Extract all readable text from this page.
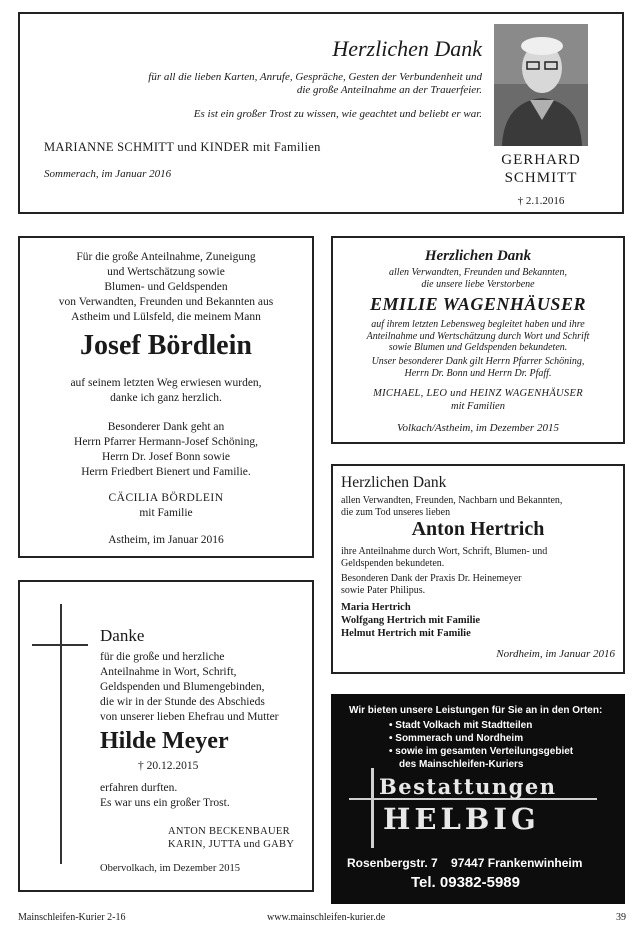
Herzlichen Dank
für all die lieben Karten, Anrufe, Gespräche, Gesten der Verbundenheit und
die große Anteilnahme an der Trauerfeier.
Es ist ein großer Trost zu wissen, wie geachtet und beliebt er war.
MARIANNE SCHMITT und KINDER mit Familien
Sommerach, im Januar 2016
GERHARD
SCHMITT
† 2.1.2016
Für die große Anteilnahme, Zuneigung
und Wertschätzung sowie
Blumen- und Geldspenden
von Verwandten, Freunden und Bekannten aus
Astheim und Lülsfeld, die meinem Mann
Josef Bördlein
auf seinem letzten Weg erwiesen wurden,
danke ich ganz herzlich.
Besonderer Dank geht an
Herrn Pfarrer Hermann-Josef Schöning,
Herrn Dr. Josef Bonn sowie
Herrn Friedbert Bienert und Familie.
CÄCILIA BÖRDLEIN
mit Familie
Astheim, im Januar 2016
Herzlichen Dank
allen Verwandten, Freunden und Bekannten,
die unsere liebe Verstorbene
EMILIE WAGENHÄUSER
auf ihrem letzten Lebensweg begleitet haben und ihre
Anteilnahme und Wertschätzung durch Wort und Schrift
sowie Blumen und Geldspenden bekundeten.
Unser besonderer Dank gilt Herrn Pfarrer Schöning,
Herrn Dr. Bonn und Herrn Dr. Pfaff.
MICHAEL, LEO und HEINZ WAGENHÄUSER
mit Familien
Volkach/Astheim, im Dezember 2015
Herzlichen Dank
allen Verwandten, Freunden, Nachbarn und Bekannten,
die zum Tod unseres lieben
Anton Hertrich
ihre Anteilnahme durch Wort, Schrift, Blumen- und
Geldspenden bekundeten.
Besonderen Dank der Praxis Dr. Heinemeyer
sowie Pater Philipus.
Maria Hertrich
Wolfgang Hertrich mit Familie
Helmut Hertrich mit Familie
Nordheim, im Januar 2016
Danke
für die große und herzliche
Anteilnahme in Wort, Schrift,
Geldspenden und Blumengebinden,
die wir in der Stunde des Abschieds
von unserer lieben Ehefrau und Mutter
Hilde Meyer
† 20.12.2015
erfahren durften.
Es war uns ein großer Trost.
ANTON BECKENBAUER
KARIN, JUTTA und GABY
Obervolkach, im Dezember 2015
Wir bieten unsere Leistungen für Sie an in den Orten:
• Stadt Volkach mit Stadtteilen
• Sommerach und Nordheim
• sowie im gesamten Verteilungsgebiet
des Mainschleifen-Kuriers
Bestattungen
HELBIG
Rosenbergstr. 7    97447 Frankenwinheim
Tel. 09382-5989
Mainschleifen-Kurier 2-16	www.mainschleifen-kurier.de	39
